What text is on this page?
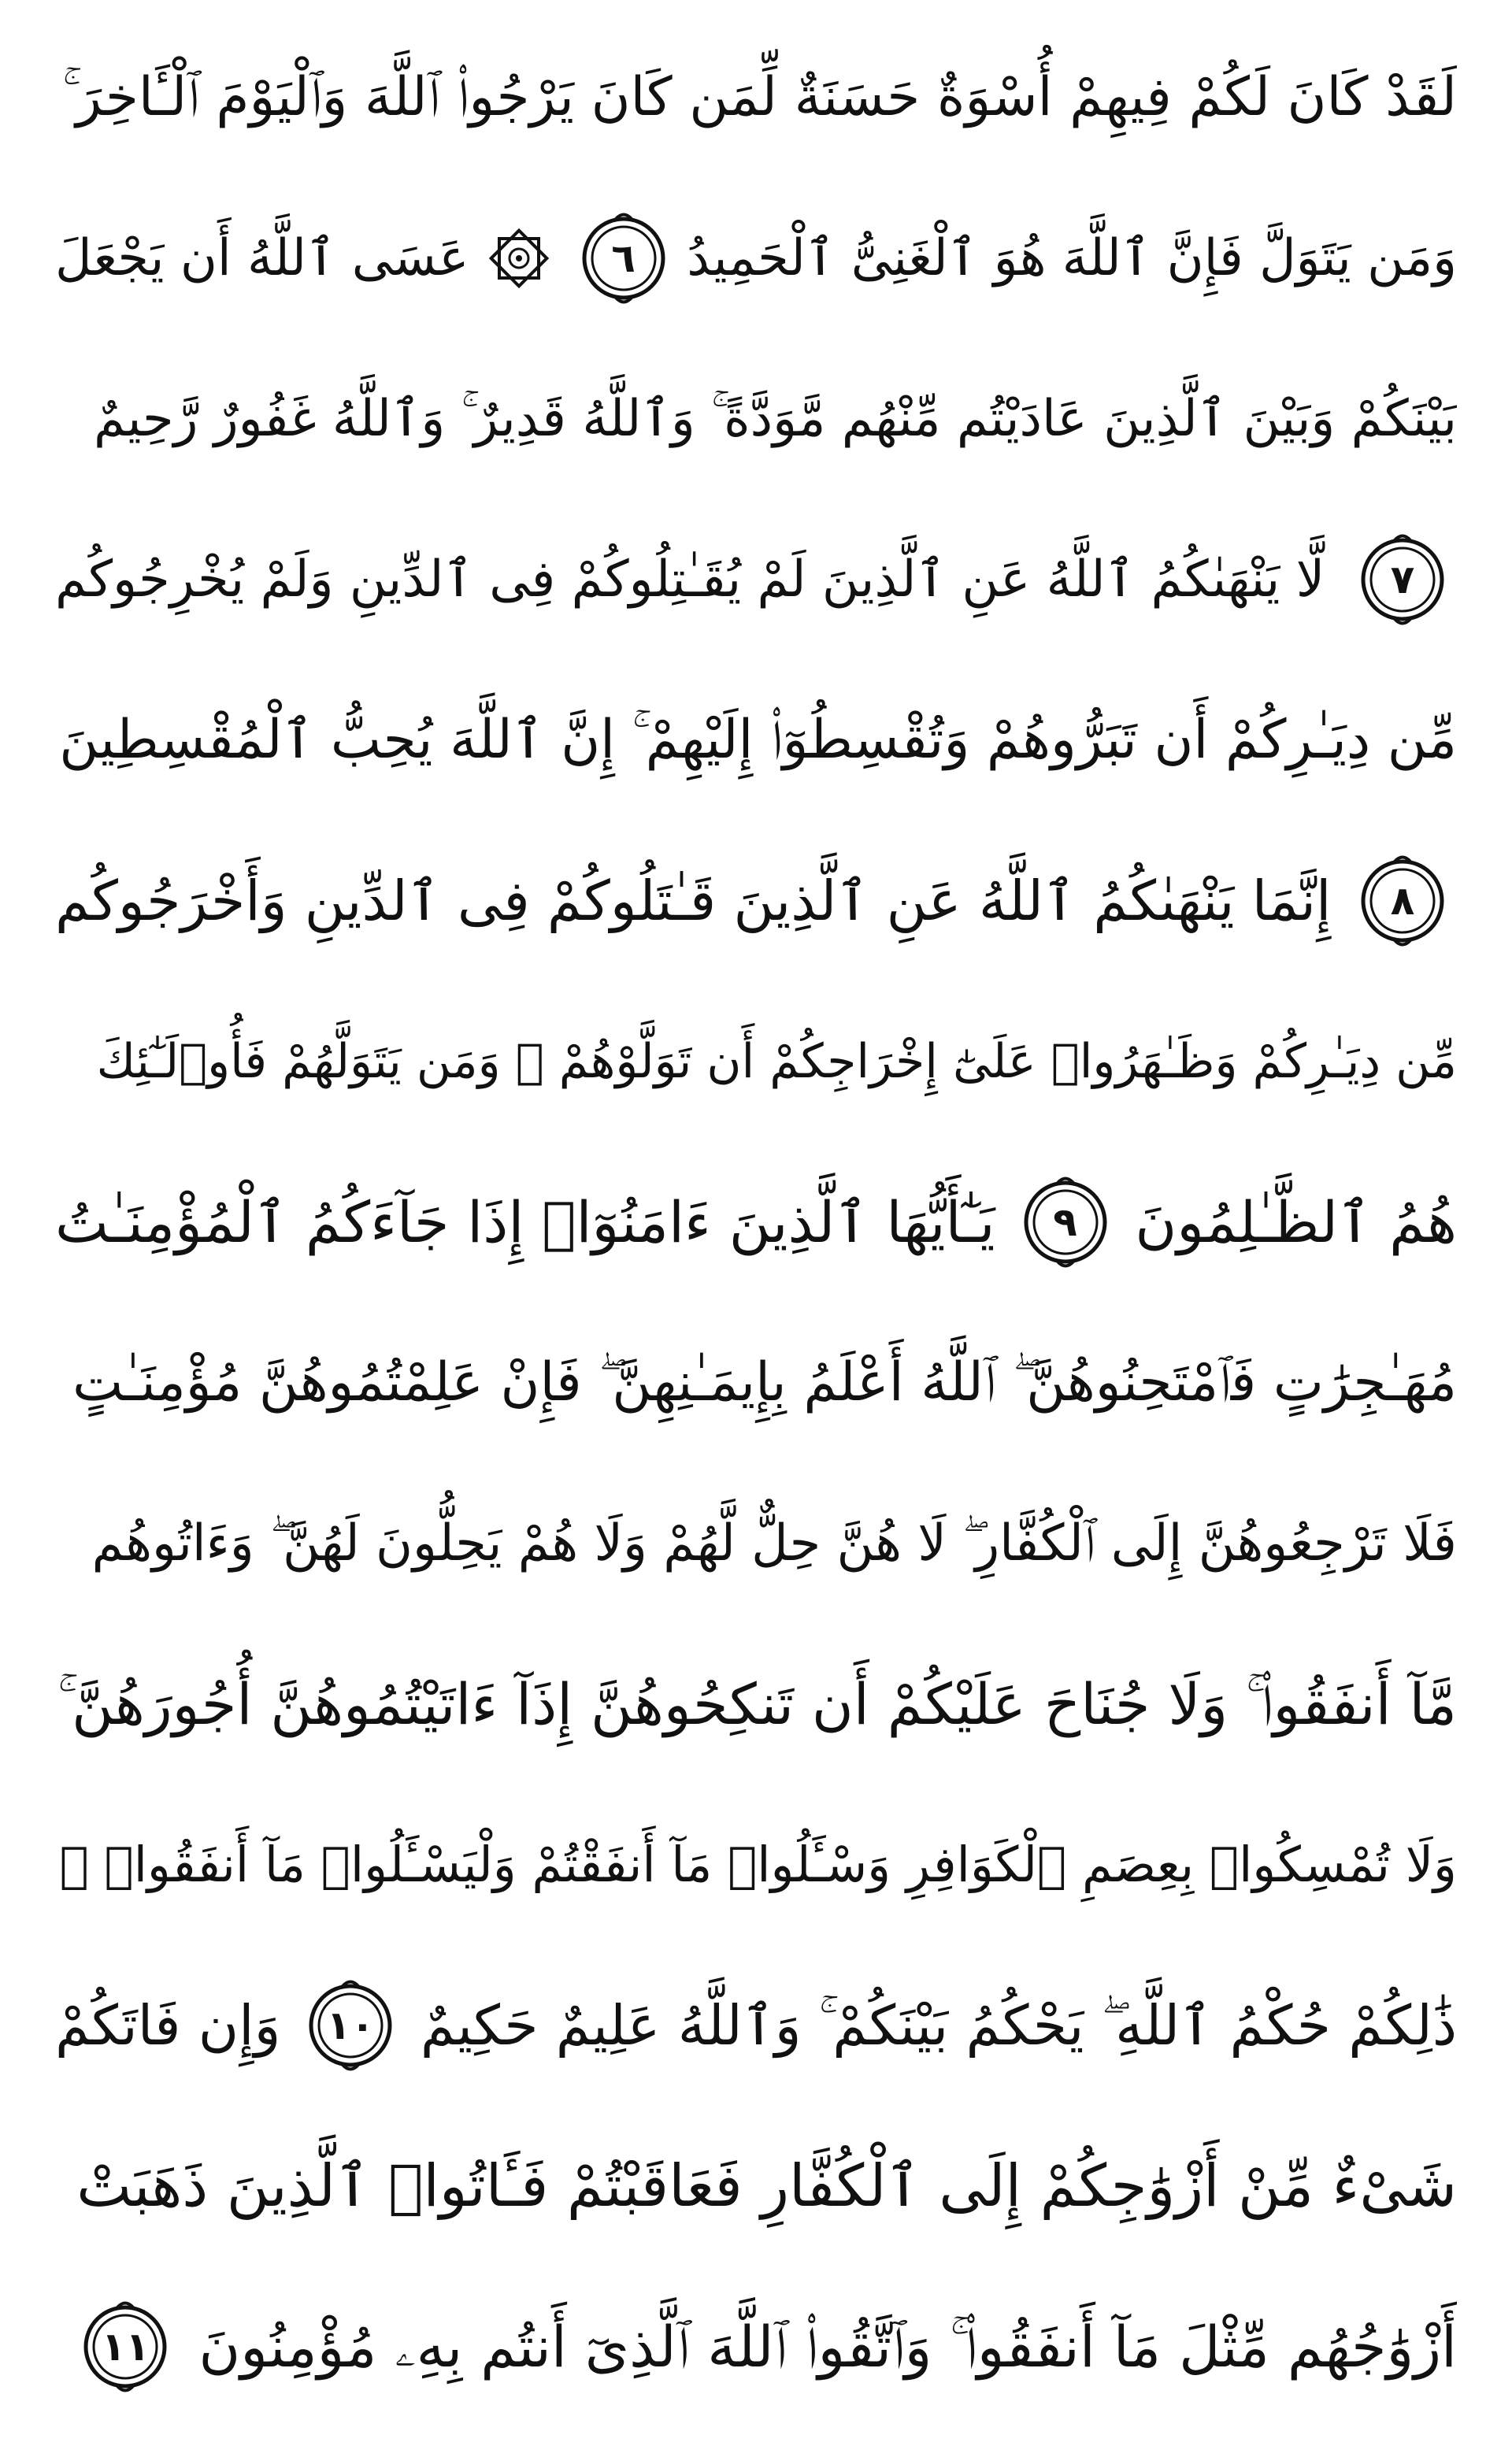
لَقَدْ كَانَ لَكُمْ فِيهِمْ أُسْوَةٌ حَسَنَةٌ لِّمَن كَانَ يَرْجُوا۟ ٱللَّهَ وَٱلْيَوْمَ ٱلْـَٔاخِرَ ۚ
وَمَن يَتَوَلَّ فَإِنَّ ٱللَّهَ هُوَ ٱلْغَنِىُّ ٱلْحَمِيدُ
٦
عَسَى ٱللَّهُ أَن يَجْعَلَ
بَيْنَكُمْ وَبَيْنَ ٱلَّذِينَ عَادَيْتُم مِّنْهُم مَّوَدَّةً ۚ وَٱللَّهُ قَدِيرٌ ۚ وَٱللَّهُ غَفُورٌ رَّحِيمٌ
٧
لَّا يَنْهَىٰكُمُ ٱللَّهُ عَنِ ٱلَّذِينَ لَمْ يُقَـٰتِلُوكُمْ فِى ٱلدِّينِ وَلَمْ يُخْرِجُوكُم
مِّن دِيَـٰرِكُمْ أَن تَبَرُّوهُمْ وَتُقْسِطُوٓا۟ إِلَيْهِمْ ۚ إِنَّ ٱللَّهَ يُحِبُّ ٱلْمُقْسِطِينَ
٨
إِنَّمَا يَنْهَىٰكُمُ ٱللَّهُ عَنِ ٱلَّذِينَ قَـٰتَلُوكُمْ فِى ٱلدِّينِ وَأَخْرَجُوكُم
مِّن دِيَـٰرِكُمْ وَظَـٰهَرُوا۟ عَلَىٰٓ إِخْرَاجِكُمْ أَن تَوَلَّوْهُمْ ۚ وَمَن يَتَوَلَّهُمْ فَأُو۟لَـٰٓئِكَ
هُمُ ٱلظَّـٰلِمُونَ
٩
يَـٰٓأَيُّهَا ٱلَّذِينَ ءَامَنُوٓا۟ إِذَا جَآءَكُمُ ٱلْمُؤْمِنَـٰتُ
مُهَـٰجِرَٰتٍ فَٱمْتَحِنُوهُنَّ ۖ ٱللَّهُ أَعْلَمُ بِإِيمَـٰنِهِنَّ ۖ فَإِنْ عَلِمْتُمُوهُنَّ مُؤْمِنَـٰتٍ
فَلَا تَرْجِعُوهُنَّ إِلَى ٱلْكُفَّارِ ۖ لَا هُنَّ حِلٌّ لَّهُمْ وَلَا هُمْ يَحِلُّونَ لَهُنَّ ۖ وَءَاتُوهُم
مَّآ أَنفَقُوا۟ ۚ وَلَا جُنَاحَ عَلَيْكُمْ أَن تَنكِحُوهُنَّ إِذَآ ءَاتَيْتُمُوهُنَّ أُجُورَهُنَّ ۚ
وَلَا تُمْسِكُوا۟ بِعِصَمِ ٱلْكَوَافِرِ وَسْـَٔلُوا۟ مَآ أَنفَقْتُمْ وَلْيَسْـَٔلُوا۟ مَآ أَنفَقُوا۟ ۚ
ذَٰلِكُمْ حُكْمُ ٱللَّهِ ۖ يَحْكُمُ بَيْنَكُمْ ۚ وَٱللَّهُ عَلِيمٌ حَكِيمٌ
١٠
وَإِن فَاتَكُمْ
شَىْءٌ مِّنْ أَزْوَٰجِكُمْ إِلَى ٱلْكُفَّارِ فَعَاقَبْتُمْ فَـَٔاتُوا۟ ٱلَّذِينَ ذَهَبَتْ
أَزْوَٰجُهُم مِّثْلَ مَآ أَنفَقُوا۟ ۚ وَٱتَّقُوا۟ ٱللَّهَ ٱلَّذِىٓ أَنتُم بِهِۦ مُؤْمِنُونَ
١١
